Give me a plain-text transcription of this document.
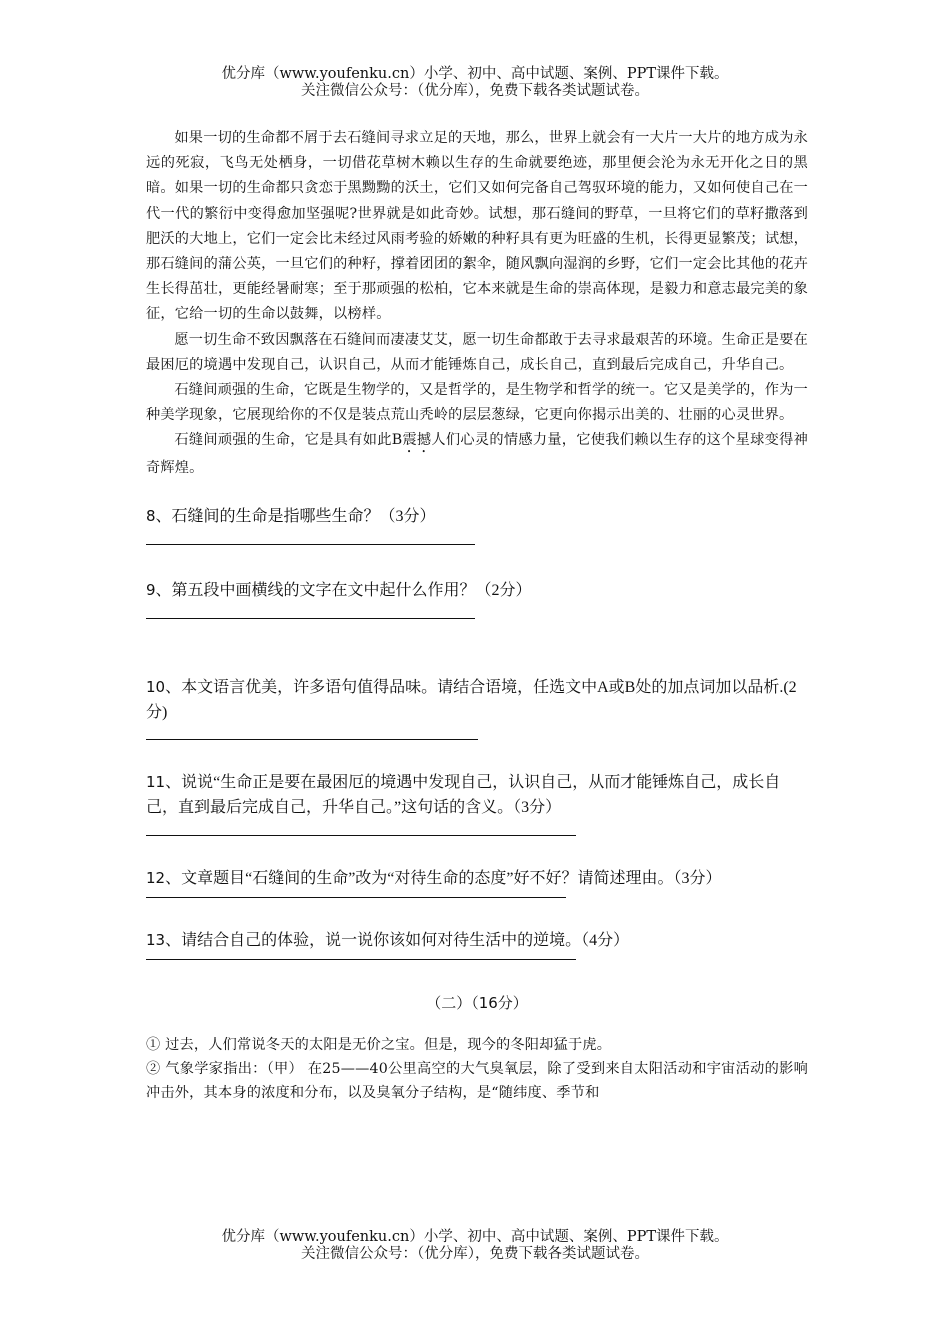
优分库（www.youfenku.cn）小学、初中、高中试题、案例、PPT课件下载。
关注微信公众号：（优分库），免费下载各类试题试卷。

如果一切的生命都不屑于去石缝间寻求立足的天地，那么，世界上就会有一大片一大片的地方成为永远的死寂，飞鸟无处栖身，一切借花草树木赖以生存的生命就要绝迹，那里便会沦为永无开化之日的黑暗。如果一切的生命都只贪恋于黑黝黝的沃土，它们又如何完备自己驾驭环境的能力，又如何使自己在一代一代的繁衍中变得愈加坚强呢?世界就是如此奇妙。试想，那石缝间的野草，一旦将它们的草籽撒落到肥沃的大地上，它们一定会比未经过风雨考验的娇嫩的种籽具有更为旺盛的生机，长得更显繁茂；试想，那石缝间的蒲公英，一旦它们的种籽，撑着团团的絮伞，随风飘向湿润的乡野，它们一定会比其他的花卉生长得茁壮，更能经暑耐寒；至于那顽强的松柏，它本来就是生命的崇高体现，是毅力和意志最完美的象征，它给一切的生命以鼓舞，以榜样。

愿一切生命不致因飘落在石缝间而凄凄艾艾，愿一切生命都敢于去寻求最艰苦的环境。生命正是要在最困厄的境遇中发现自己，认识自己，从而才能锤炼自己，成长自己，直到最后完成自己，升华自己。

石缝间顽强的生命，它既是生物学的，又是哲学的，是生物学和哲学的统一。它又是美学的，作为一种美学现象，它展现给你的不仅是装点荒山秃岭的层层葱绿，它更向你揭示出美的、壮丽的心灵世界。

石缝间顽强的生命，它是具有如此B震撼人们心灵的情感力量，它使我们赖以生存的这个星球变得神奇辉煌。

8、石缝间的生命是指哪些生命？（3分）

9、第五段中画横线的文字在文中起什么作用？（2分）

10、本文语言优美，许多语句值得品味。请结合语境，任选文中A或B处的加点词加以品析.(2分)

11、说说“生命正是要在最困厄的境遇中发现自己，认识自己，从而才能锤炼自己，成长自己，直到最后完成自己，升华自己。”这句话的含义。（3分）

12、文章题目“石缝间的生命”改为“对待生命的态度”好不好？请简述理由。（3分）

13、请结合自己的体验，说一说你该如何对待生活中的逆境。（4分）

（二）（16分）

① 过去，人们常说冬天的太阳是无价之宝。但是，现今的冬阳却猛于虎。

② 气象学家指出：（甲） 在25——40公里高空的大气臭氧层，除了受到来自太阳活动和宇宙活动的影响冲击外，其本身的浓度和分布，以及臭氧分子结构，是“随纬度、季节和

优分库（www.youfenku.cn）小学、初中、高中试题、案例、PPT课件下载。
关注微信公众号：（优分库），免费下载各类试题试卷。
